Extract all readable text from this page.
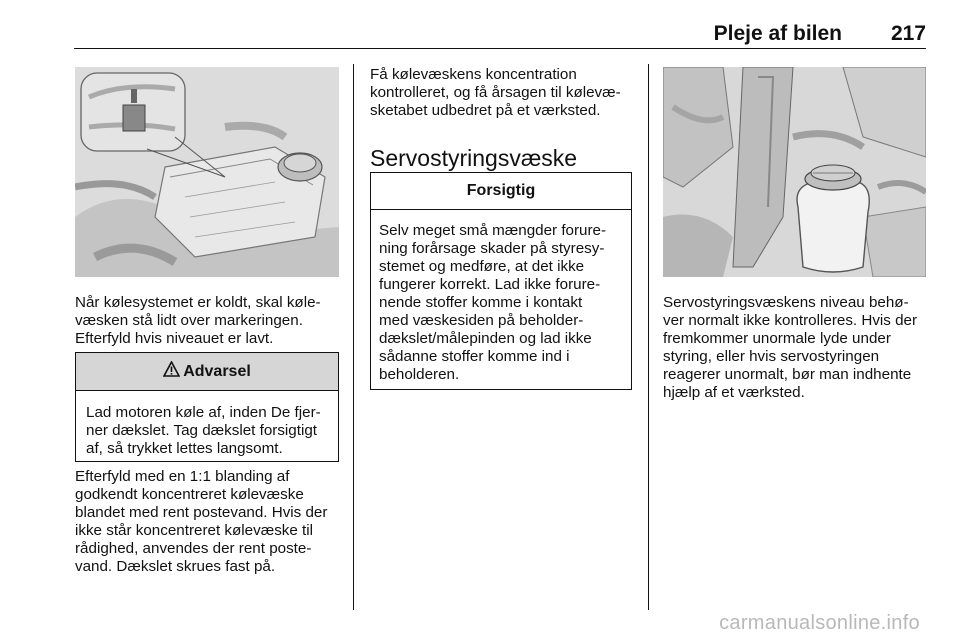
Pleje af bilen 217

Når kølesystemet er koldt, skal køle-
væsken stå lidt over markeringen.
Efterfyld hvis niveauet er lavt.

Advarsel
Lad motoren køle af, inden De fjer-
ner dækslet. Tag dækslet forsigtigt
af, så trykket lettes langsomt.

Efterfyld med en 1:1 blanding af
godkendt koncentreret kølevæske
blandet med rent postevand. Hvis der
ikke står koncentreret kølevæske til
rådighed, anvendes der rent poste-
vand. Dækslet skrues fast på.

Få kølevæskens koncentration
kontrolleret, og få årsagen til kølevæ-
sketabet udbedret på et værksted.

Servostyringsvæske
Forsigtig
Selv meget små mængder forure-
ning forårsage skader på styresy-
stemet og medføre, at det ikke
fungerer korrekt. Lad ikke forure-
nende stoffer komme i kontakt
med væskesiden på beholder-
dækslet/målepinden og lad ikke
sådanne stoffer komme ind i
beholderen.

Servostyringsvæskens niveau behø-
ver normalt ikke kontrolleres. Hvis der
fremkommer unormale lyde under
styring, eller hvis servostyringen
reagerer unormalt, bør man indhente
hjælp af et værksted.

carmanualsonline.info
